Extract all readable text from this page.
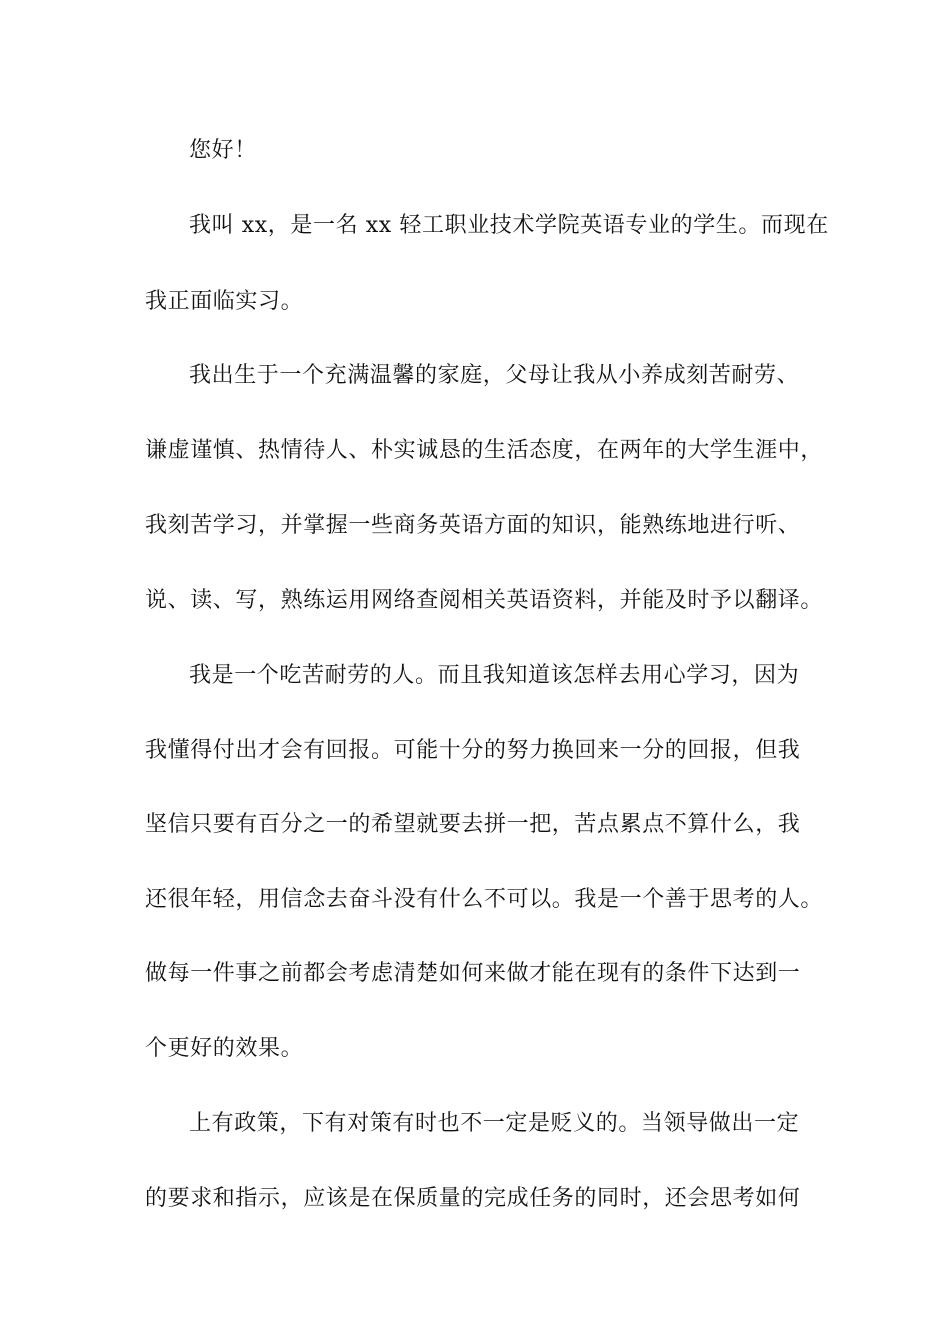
您好！
我叫 xx，是一名 xx 轻工职业技术学院英语专业的学生。而现在
我正面临实习。
我出生于一个充满温馨的家庭，父母让我从小养成刻苦耐劳、
谦虚谨慎、热情待人、朴实诚恳的生活态度，在两年的大学生涯中，
我刻苦学习，并掌握一些商务英语方面的知识，能熟练地进行听、
说、读、写，熟练运用网络查阅相关英语资料，并能及时予以翻译。
我是一个吃苦耐劳的人。而且我知道该怎样去用心学习，因为
我懂得付出才会有回报。可能十分的努力换回来一分的回报，但我
坚信只要有百分之一的希望就要去拼一把，苦点累点不算什么，我
还很年轻，用信念去奋斗没有什么不可以。我是一个善于思考的人。
做每一件事之前都会考虑清楚如何来做才能在现有的条件下达到一
个更好的效果。
上有政策，下有对策有时也不一定是贬义的。当领导做出一定
的要求和指示，应该是在保质量的完成任务的同时，还会思考如何
